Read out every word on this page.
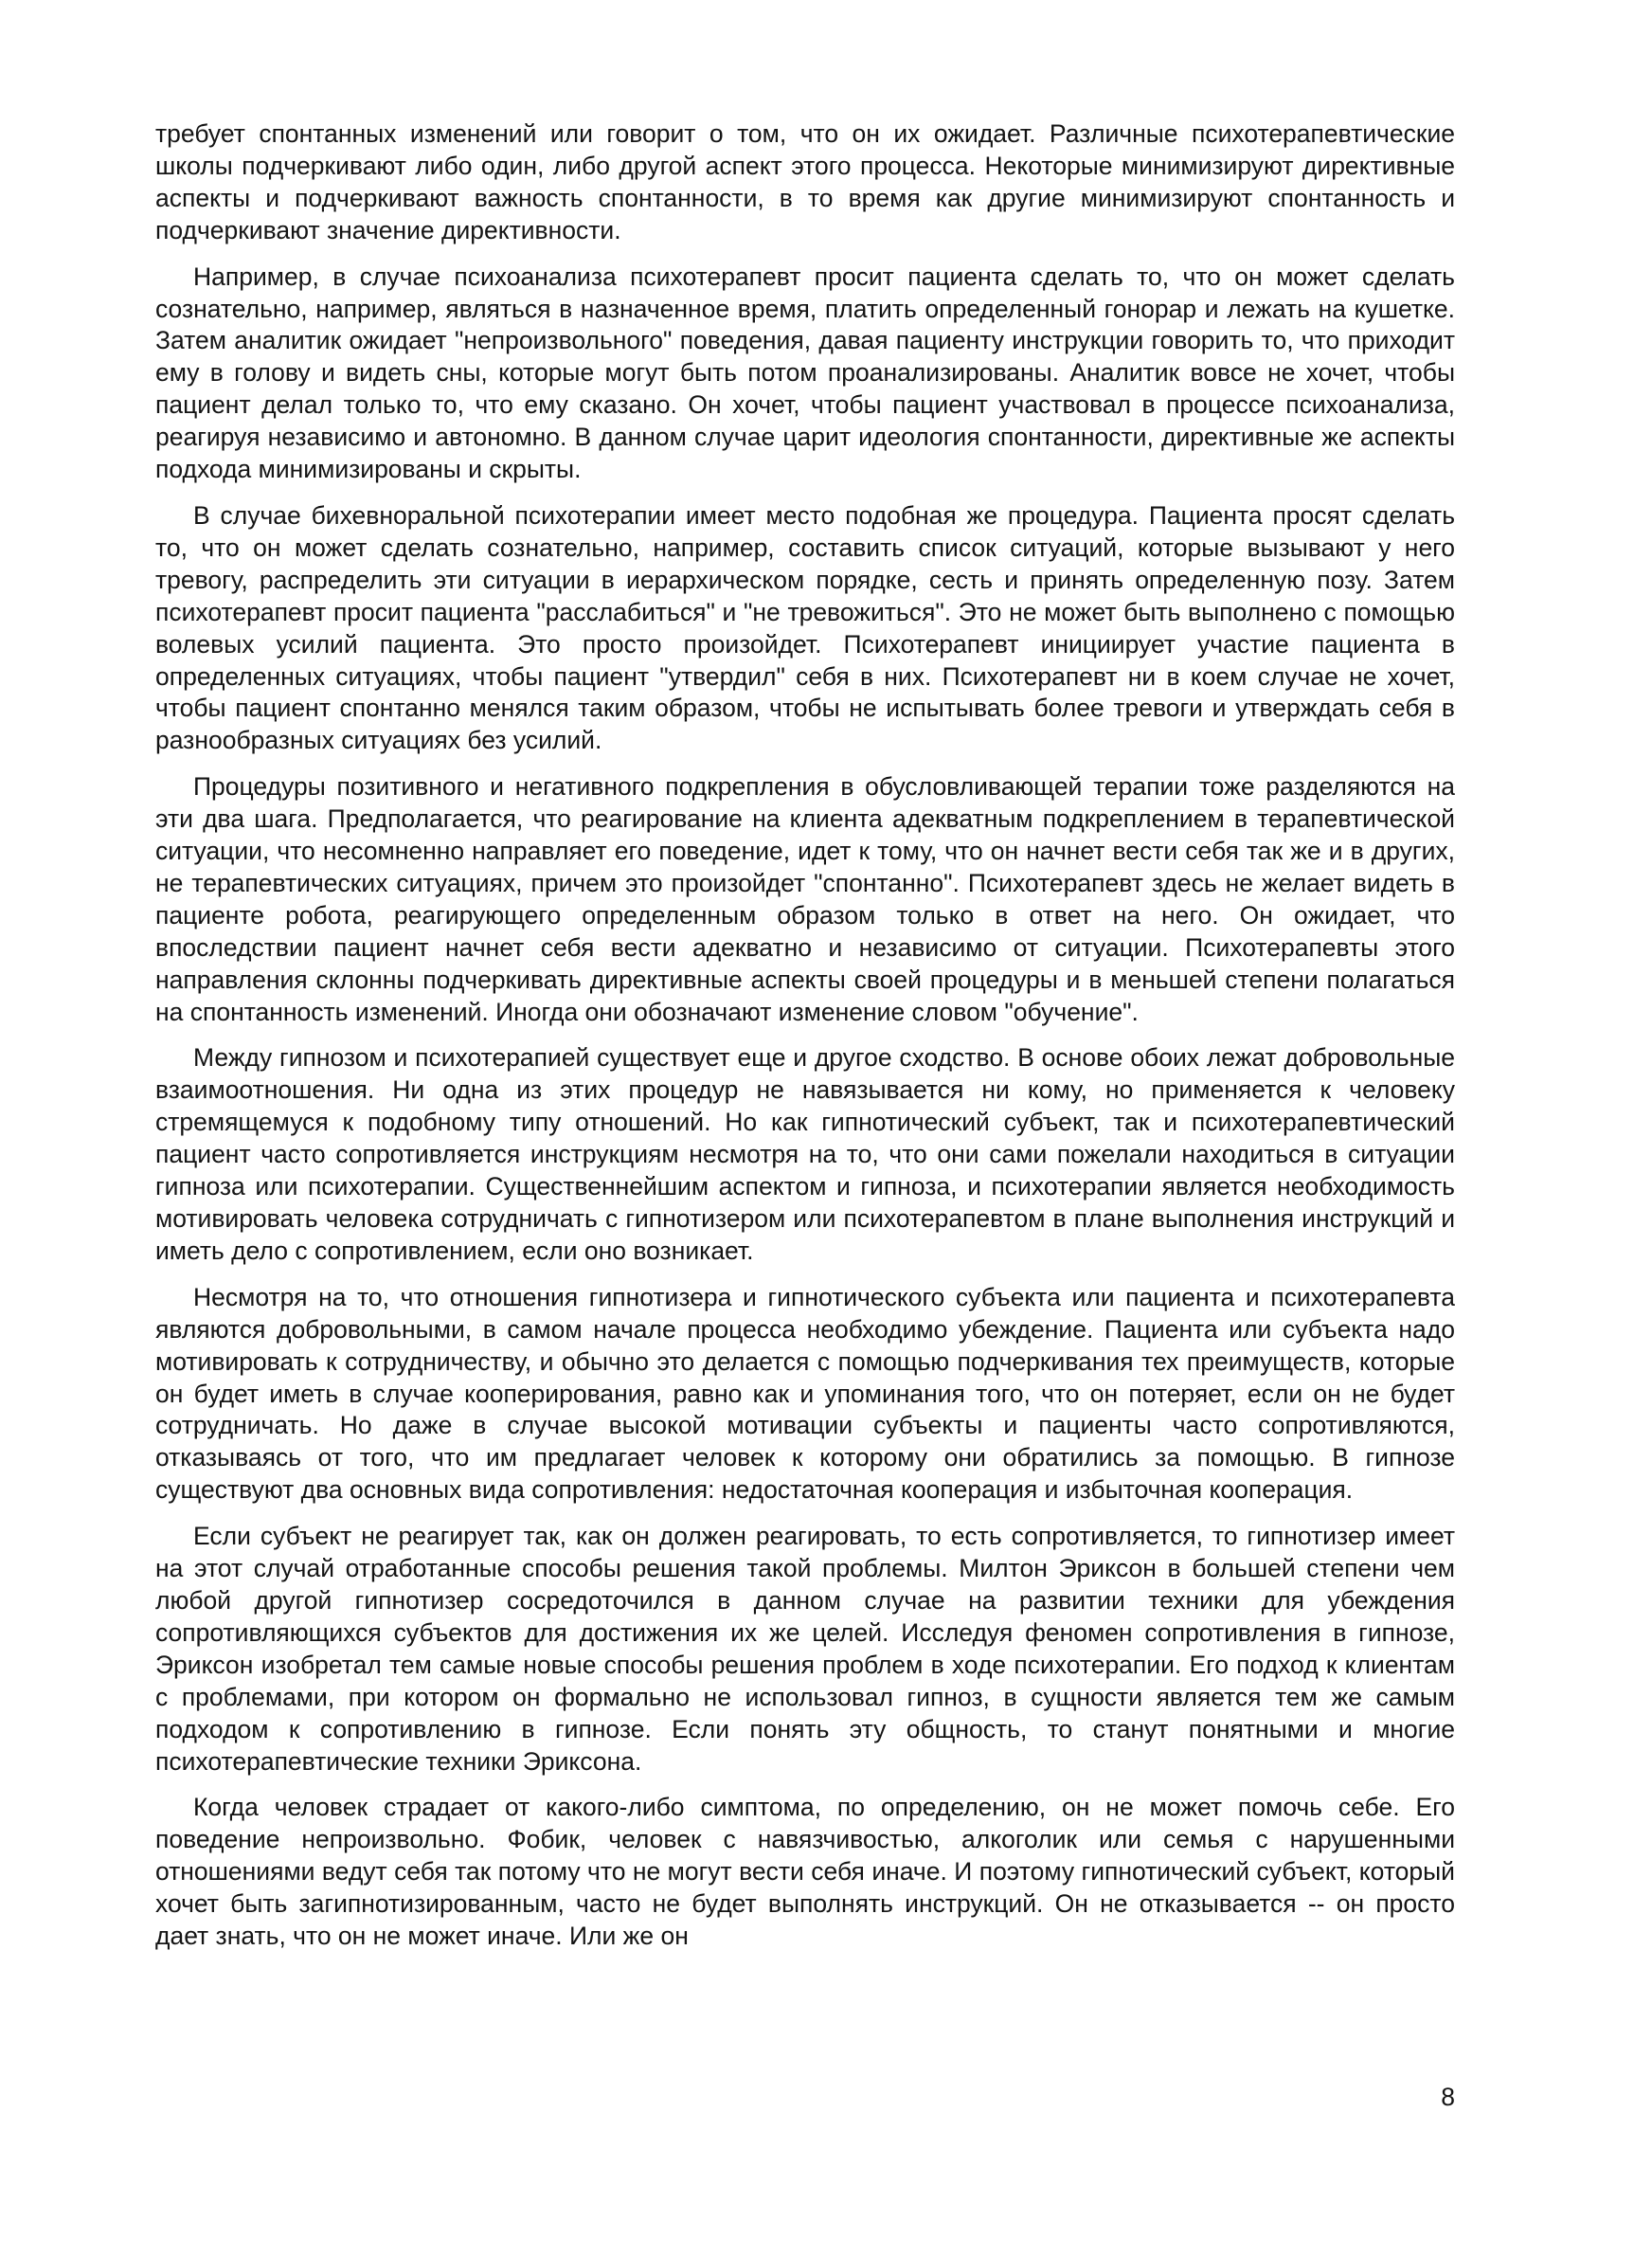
требует спонтанных изменений или говорит о том, что он их ожидает. Различные психотерапевтические школы подчеркивают либо один, либо другой аспект этого процесса. Некоторые минимизируют директивные аспекты и подчеркивают важность спонтанности, в то время как другие минимизируют спонтанность и подчеркивают значение директивности.

Например, в случае психоанализа психотерапевт просит пациента сделать то, что он может сделать сознательно, например, являться в назначенное время, платить определенный гонорар и лежать на кушетке. Затем аналитик ожидает "непроизвольного" поведения, давая пациенту инструкции говорить то, что приходит ему в голову и видеть сны, которые могут быть потом проанализированы. Аналитик вовсе не хочет, чтобы пациент делал только то, что ему сказано. Он хочет, чтобы пациент участвовал в процессе психоанализа, реагируя независимо и автономно. В данном случае царит идеология спонтанности, директивные же аспекты подхода минимизированы и скрыты.

В случае бихевноральной психотерапии имеет место подобная же процедура. Пациента просят сделать то, что он может сделать сознательно, например, составить список ситуаций, которые вызывают у него тревогу, распределить эти ситуации в иерархическом порядке, сесть и принять определенную позу. Затем психотерапевт просит пациента "расслабиться" и "не тревожиться". Это не может быть выполнено с помощью волевых усилий пациента. Это просто произойдет. Психотерапевт инициирует участие пациента в определенных ситуациях, чтобы пациент "утвердил" себя в них. Психотерапевт ни в коем случае не хочет, чтобы пациент спонтанно менялся таким образом, чтобы не испытывать более тревоги и утверждать себя в разнообразных ситуациях без усилий.

Процедуры позитивного и негативного подкрепления в обусловливающей терапии тоже разделяются на эти два шага. Предполагается, что реагирование на клиента адекватным подкреплением в терапевтической ситуации, что несомненно направляет его поведение, идет к тому, что он начнет вести себя так же и в других, не терапевтических ситуациях, причем это произойдет "спонтанно". Психотерапевт здесь не желает видеть в пациенте робота, реагирующего определенным образом только в ответ на него. Он ожидает, что впоследствии пациент начнет себя вести адекватно и независимо от ситуации. Психотерапевты этого направления склонны подчеркивать директивные аспекты своей процедуры и в меньшей степени полагаться на спонтанность изменений. Иногда они обозначают изменение словом "обучение".

Между гипнозом и психотерапией существует еще и другое сходство. В основе обоих лежат добровольные взаимоотношения. Ни одна из этих процедур не навязывается ни кому, но применяется к человеку стремящемуся к подобному типу отношений. Но как гипнотический субъект, так и психотерапевтический пациент часто сопротивляется инструкциям несмотря на то, что они сами пожелали находиться в ситуации гипноза или психотерапии. Существеннейшим аспектом и гипноза, и психотерапии является необходимость мотивировать человека сотрудничать с гипнотизером или психотерапевтом в плане выполнения инструкций и иметь дело с сопротивлением, если оно возникает.

Несмотря на то, что отношения гипнотизера и гипнотического субъекта или пациента и психотерапевта являются добровольными, в самом начале процесса необходимо убеждение. Пациента или субъекта надо мотивировать к сотрудничеству, и обычно это делается с помощью подчеркивания тех преимуществ, которые он будет иметь в случае кооперирования, равно как и упоминания того, что он потеряет, если он не будет сотрудничать. Но даже в случае высокой мотивации субъекты и пациенты часто сопротивляются, отказываясь от того, что им предлагает человек к которому они обратились за помощью. В гипнозе существуют два основных вида сопротивления: недостаточная кооперация и избыточная кооперация.

Если субъект не реагирует так, как он должен реагировать, то есть сопротивляется, то гипнотизер имеет на этот случай отработанные способы решения такой проблемы. Милтон Эриксон в большей степени чем любой другой гипнотизер сосредоточился в данном случае на развитии техники для убеждения сопротивляющихся субъектов для достижения их же целей. Исследуя феномен сопротивления в гипнозе, Эриксон изобретал тем самые новые способы решения проблем в ходе психотерапии. Его подход к клиентам с проблемами, при котором он формально не использовал гипноз, в сущности является тем же самым подходом к сопротивлению в гипнозе. Если понять эту общность, то станут понятными и многие психотерапевтические техники Эриксона.

Когда человек страдает от какого-либо симптома, по определению, он не может помочь себе. Его поведение непроизвольно. Фобик, человек с навязчивостью, алкоголик или семья с нарушенными отношениями ведут себя так потому что не могут вести себя иначе. И поэтому гипнотический субъект, который хочет быть загипнотизированным, часто не будет выполнять инструкций. Он не отказывается -- он просто дает знать, что он не может иначе. Или же он

8
